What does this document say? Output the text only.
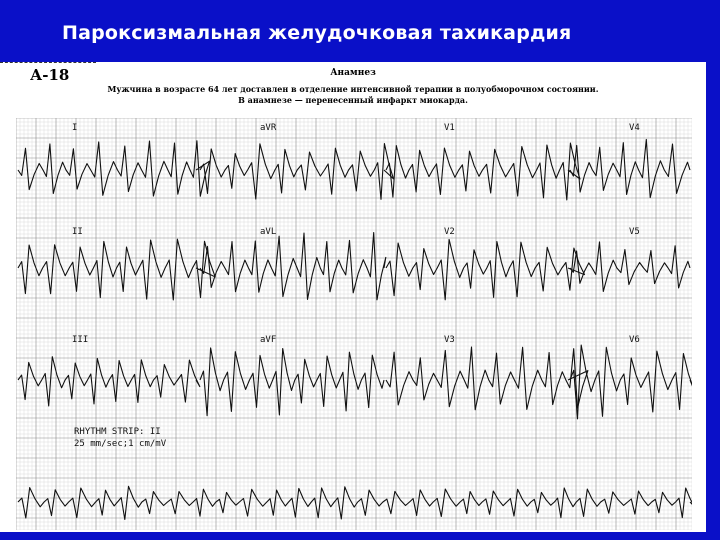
Пароксизмальная желудочковая тахикардия

А-18	Анамнез
Мужчина в возрасте 64 лет доставлен в отделение интенсивной терапии в полуобморочном состоянии.
В анамнезе — перенесенный инфаркт миокарда.
I	aVR	V1	V4
II	aVL	V2	V5
III	aVF	V3	V6
RHYTHM STRIP: II
25 mm/sec;1 cm/mV
